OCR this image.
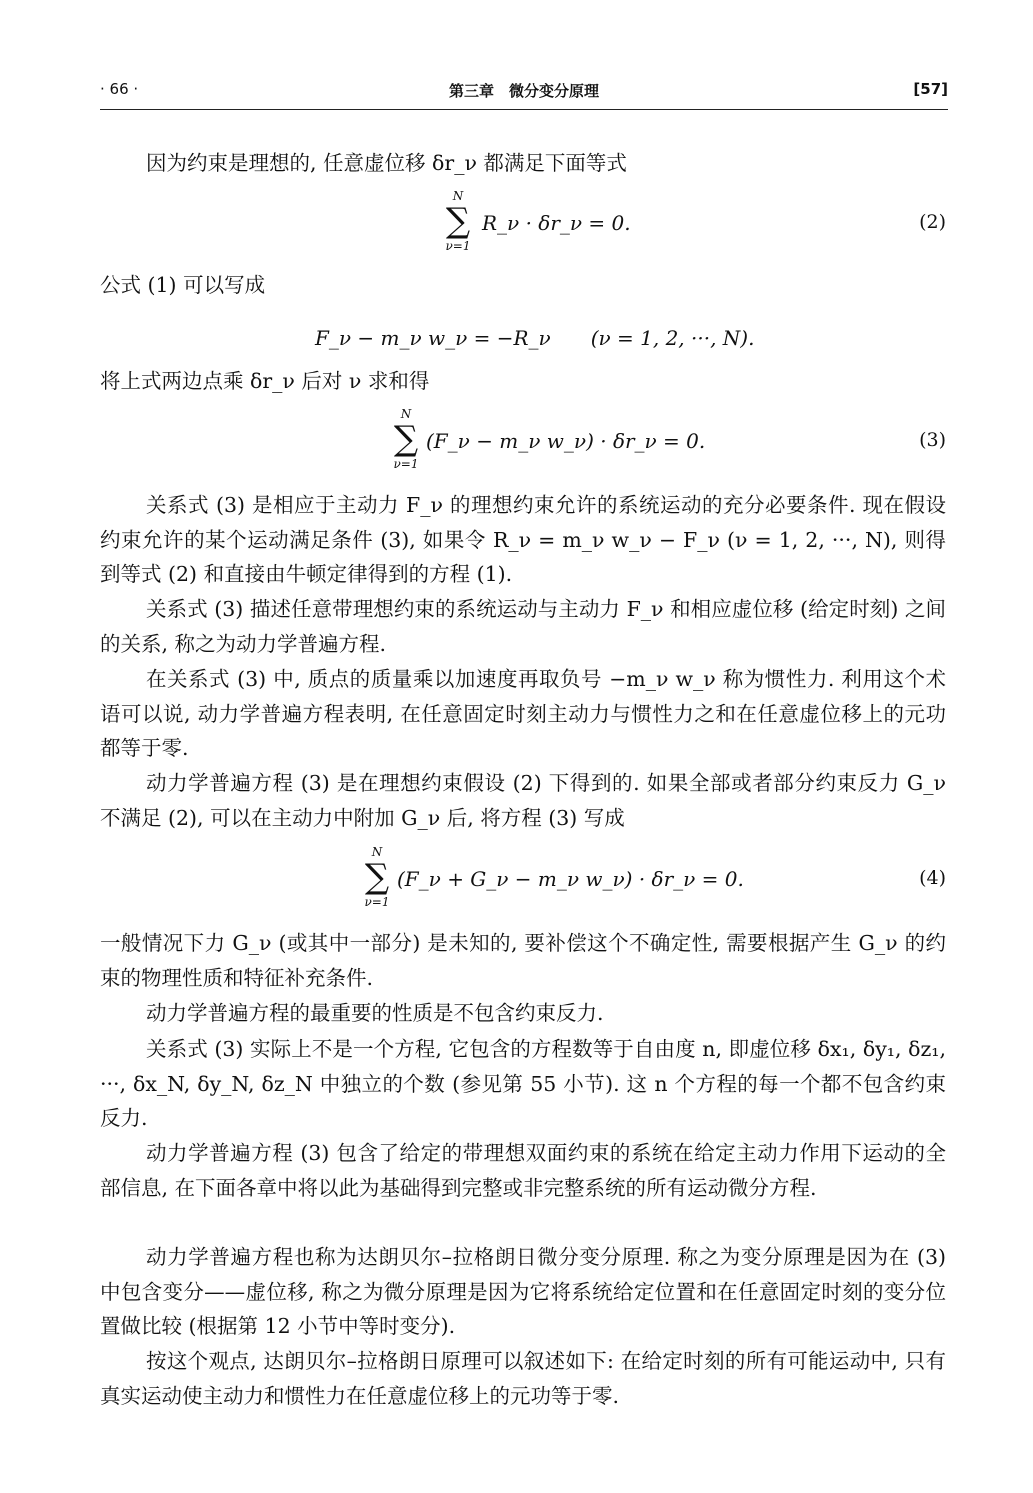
· 66 ·	第三章　微分变分原理	[57]
因为约束是理想的, 任意虚位移 δr_ν 都满足下面等式
N
∑
ν=1
R_ν · δr_ν = 0.	(2)
公式 (1) 可以写成
F_ν − m_ν w_ν = −R_ν　　(ν = 1, 2, ···, N).
将上式两边点乘 δr_ν 后对 ν 求和得
N
∑
ν=1
(F_ν − m_ν w_ν) · δr_ν = 0.	(3)
关系式 (3) 是相应于主动力 F_ν 的理想约束允许的系统运动的充分必要条件. 现在假设约束允许的某个运动满足条件 (3), 如果令 R_ν = m_ν w_ν − F_ν (ν = 1, 2, ···, N), 则得到等式 (2) 和直接由牛顿定律得到的方程 (1).
关系式 (3) 描述任意带理想约束的系统运动与主动力 F_ν 和相应虚位移 (给定时刻) 之间的关系, 称之为动力学普遍方程.
在关系式 (3) 中, 质点的质量乘以加速度再取负号 −m_ν w_ν 称为惯性力. 利用这个术语可以说, 动力学普遍方程表明, 在任意固定时刻主动力与惯性力之和在任意虚位移上的元功都等于零.
动力学普遍方程 (3) 是在理想约束假设 (2) 下得到的. 如果全部或者部分约束反力 G_ν 不满足 (2), 可以在主动力中附加 G_ν 后, 将方程 (3) 写成
N
∑
ν=1
(F_ν + G_ν − m_ν w_ν) · δr_ν = 0.	(4)
一般情况下力 G_ν (或其中一部分) 是未知的, 要补偿这个不确定性, 需要根据产生 G_ν 的约束的物理性质和特征补充条件.
动力学普遍方程的最重要的性质是不包含约束反力.
关系式 (3) 实际上不是一个方程, 它包含的方程数等于自由度 n, 即虚位移 δx₁, δy₁, δz₁, ···, δx_N, δy_N, δz_N 中独立的个数 (参见第 55 小节). 这 n 个方程的每一个都不包含约束反力.
动力学普遍方程 (3) 包含了给定的带理想双面约束的系统在给定主动力作用下运动的全部信息, 在下面各章中将以此为基础得到完整或非完整系统的所有运动微分方程.
动力学普遍方程也称为达朗贝尔–拉格朗日微分变分原理. 称之为变分原理是因为在 (3) 中包含变分——虚位移, 称之为微分原理是因为它将系统给定位置和在任意固定时刻的变分位置做比较 (根据第 12 小节中等时变分).
按这个观点, 达朗贝尔–拉格朗日原理可以叙述如下: 在给定时刻的所有可能运动中, 只有真实运动使主动力和惯性力在任意虚位移上的元功等于零.
